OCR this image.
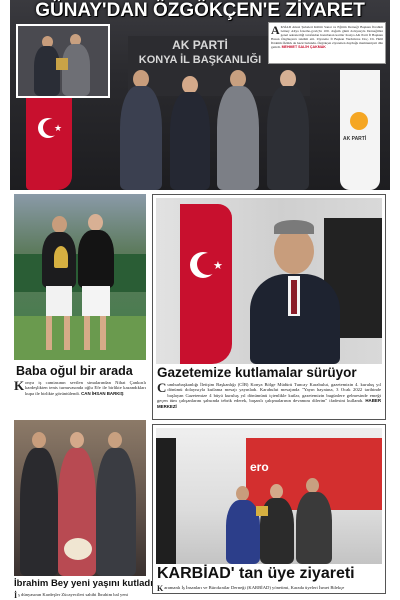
AK PARTİ
KONYA İL BAŞKANLIĞI
★
AK PARTİ
GÜNAY'DAN ÖZGÖKÇEN'E ZİYARET
A KSİAD Ailesi Şubeleri Kültür Sanat ve Eğitim Derneği Başkanı İbrahim Günay Aliya İzzetbe-goviç'in 100. doğum günü dolayısıyla Derneğimiz genel sekreterliği tarafından hazırlanan kartlar Konya AK Parti İl Başkanı Hasan Özgökçen'e takdim etti. Ziyarette İl Başkan Yardımcısı Doç. Dr. Halil İbrahim Öztürk de hazır bulundu. Özgökçen ziyaretten duyduğu memnuniyeti dile getirdi. MEHMET SALİH ÇAKMAK
Baba oğul bir arada
K onya iş camiasının sevilen simalarından Nihat Çankırılı kardeşlikten tenis turnuvasında oğlu Efe ile birlikte kazandıkları kupa ile birlikte görüntülendi. CAN İHSAN BARKIŞ
★
Gazetemize kutlamalar sürüyor
C umhurbaşkanlığı İletişim Başkanlığı (CİB) Konya Bölge Müdürü Tuncay Karabulut, gazetemizin 4. kuruluş yıl dönümü dolayısıyla kutlama mesajı yayınladı. Karabulut mesajında "Yayın hayatına, 3 Ocak 2022 tarihinde başlayan Gazetemize 4 büyü kuruluş yıl dönümünü içtenlikle kutlar, gazetemizin bugünlere gelmesinde emeği geçen tüm çalışanlarını şahsında tebrik ederek, başarılı çalışmalarının devamını dilerim" ifadesini kullandı. HABER MERKEZİ
İbrahim Bey yeni yaşını kutladı
İ ş dünyasının Kardeşler Zücayecileri sahibi İbrahim bal yeni
ero
KARBİAD' tan üye ziyareti
K aramanlı İş İnsanları ve Bürokratlar Derneği (KARBİAD) yönetimi, Karada üyeleri İsmet Bilekçe
